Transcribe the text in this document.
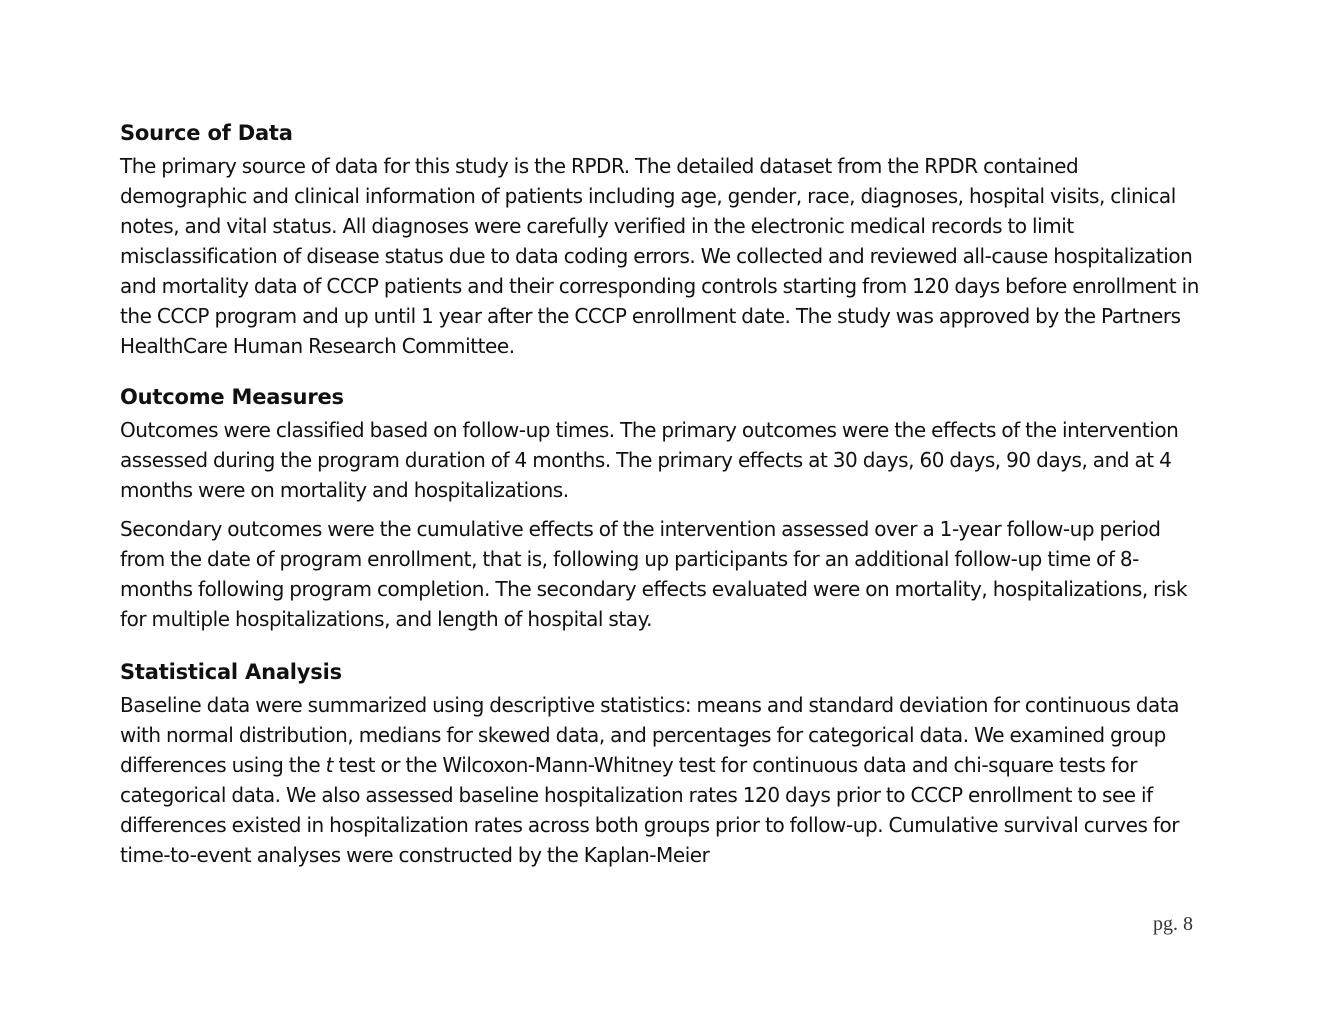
Source of Data

The primary source of data for this study is the RPDR. The detailed dataset from the RPDR contained demographic and clinical information of patients including age, gender, race, diagnoses, hospital visits, clinical notes, and vital status. All diagnoses were carefully verified in the electronic medical records to limit misclassification of disease status due to data coding errors. We collected and reviewed all-cause hospitalization and mortality data of CCCP patients and their corresponding controls starting from 120 days before enrollment in the CCCP program and up until 1 year after the CCCP enrollment date. The study was approved by the Partners HealthCare Human Research Committee.

Outcome Measures

Outcomes were classified based on follow-up times. The primary outcomes were the effects of the intervention assessed during the program duration of 4 months. The primary effects at 30 days, 60 days, 90 days, and at 4 months were on mortality and hospitalizations.

Secondary outcomes were the cumulative effects of the intervention assessed over a 1-year follow-up period from the date of program enrollment, that is, following up participants for an additional follow-up time of 8-months following program completion. The secondary effects evaluated were on mortality, hospitalizations, risk for multiple hospitalizations, and length of hospital stay.

Statistical Analysis

Baseline data were summarized using descriptive statistics: means and standard deviation for continuous data with normal distribution, medians for skewed data, and percentages for categorical data. We examined group differences using the t test or the Wilcoxon-Mann-Whitney test for continuous data and chi-square tests for categorical data. We also assessed baseline hospitalization rates 120 days prior to CCCP enrollment to see if differences existed in hospitalization rates across both groups prior to follow-up. Cumulative survival curves for time-to-event analyses were constructed by the Kaplan-Meier

pg. 8
